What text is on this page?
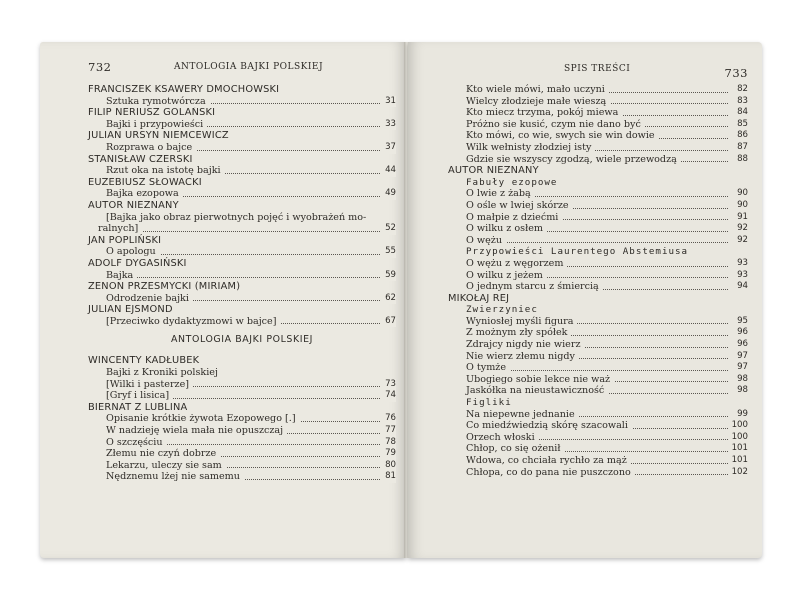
732	ANTOLOGIA BAJKI POLSKIEJ
FRANCISZEK KSAWERY DMOCHOWSKI
Sztuka rymotwórcza	31
FILIP NERIUSZ GOLAŃSKI
Bajki i przypowieści	33
JULIAN URSYN NIEMCEWICZ
Rozprawa o bajce	37
STANISŁAW CZERSKI
Rzut oka na istotę bajki	44
EUZEBIUSZ SŁOWACKI
Bajka ezopowa	49
AUTOR NIEZNANY
[Bajka jako obraz pierwotnych pojęć i wyobrażeń mo-
ralnych]	52
JAN POPLIŃSKI
O apologu	55
ADOLF DYGASIŃSKI
Bajka	59
ZENON PRZESMYCKI (MIRIAM)
Odrodzenie bajki	62
JULIAN EJSMOND
[Przeciwko dydaktyzmowi w bajce]	67
ANTOLOGIA BAJKI POLSKIEJ
WINCENTY KADŁUBEK
Bajki z Kroniki polskiej
[Wilki i pasterze]	73
[Gryf i lisica]	74
BIERNAT Z LUBLINA
Opisanie krótkie żywota Ezopowego [.]	76
W nadzieję wiela mała nie opuszczaj	77
O szczęściu	78
Złemu nie czyń dobrze	79
Lekarzu, uleczy sie sam	80
Nędznemu lżej nie samemu	81
SPIS TREŚCI	733
Kto wiele mówi, mało uczyni	82
Wielcy złodzieje małe wieszą	83
Kto miecz trzyma, pokój miewa	84
Próżno sie kusić, czym nie dano być	85
Kto mówi, co wie, swych sie win dowie	86
Wilk wełnisty złodziej isty	87
Gdzie sie wszyscy zgodzą, wiele przewodzą	88
AUTOR NIEZNANY
Fabuły ezopowe
O lwie z żabą	90
O ośle w lwiej skórze	90
O małpie z dziećmi	91
O wilku z osłem	92
O wężu	92
Przypowieści Laurentego Abstemiusa
O wężu z węgorzem	93
O wilku z jeżem	93
O jednym starcu z śmiercią	94
MIKOŁAJ REJ
Zwierzyniec
Wyniosłej myśli figura	95
Z możnym zły spółek	96
Zdrajcy nigdy nie wierz	96
Nie wierz złemu nigdy	97
O tymże	97
Ubogiego sobie lekce nie waż	98
Jaskółka na nieustawiczność	98
Figliki
Na niepewne jednanie	99
Co miedźwiedzią skórę szacowali	100
Orzech włoski	100
Chłop, co się ożenił	101
Wdowa, co chciała rychło za mąż	101
Chłopa, co do pana nie puszczono	102
